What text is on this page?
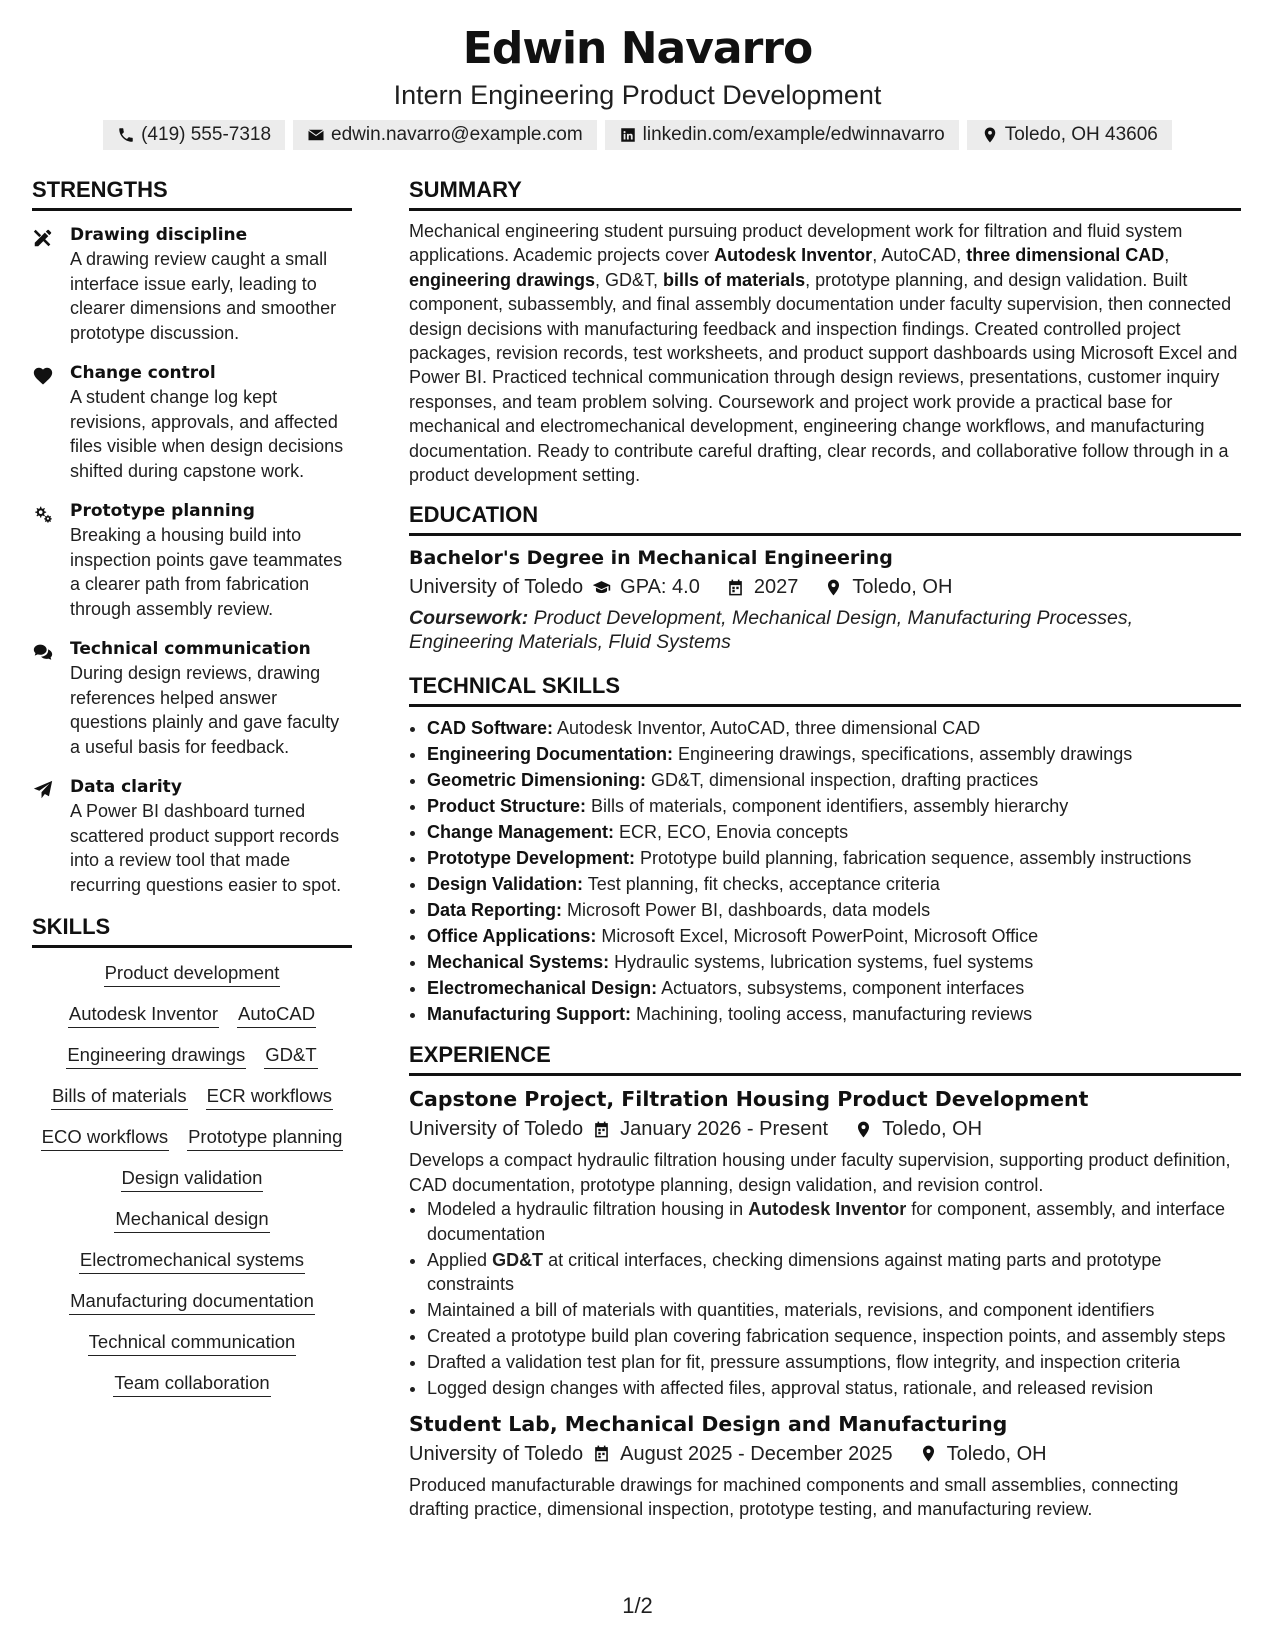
Edwin Navarro
Intern Engineering Product Development
(419) 555-7318	edwin.navarro@example.com	linkedin.com/example/edwinnavarro	Toledo, OH 43606
STRENGTHS
Drawing discipline
A drawing review caught a small interface issue early, leading to clearer dimensions and smoother prototype discussion.
Change control
A student change log kept revisions, approvals, and affected files visible when design decisions shifted during capstone work.
Prototype planning
Breaking a housing build into inspection points gave teammates a clearer path from fabrication through assembly review.
Technical communication
During design reviews, drawing references helped answer questions plainly and gave faculty a useful basis for feedback.
Data clarity
A Power BI dashboard turned scattered product support records into a review tool that made recurring questions easier to spot.
SKILLS
Product development
Autodesk Inventor AutoCAD
Engineering drawings GD&T
Bills of materials ECR workflows
ECO workflows Prototype planning
Design validation
Mechanical design
Electromechanical systems
Manufacturing documentation
Technical communication
Team collaboration
SUMMARY
Mechanical engineering student pursuing product development work for filtration and fluid system applications. Academic projects cover Autodesk Inventor, AutoCAD, three dimensional CAD, engineering drawings, GD&T, bills of materials, prototype planning, and design validation. Built component, subassembly, and final assembly documentation under faculty supervision, then connected design decisions with manufacturing feedback and inspection findings. Created controlled project packages, revision records, test worksheets, and product support dashboards using Microsoft Excel and Power BI. Practiced technical communication through design reviews, presentations, customer inquiry responses, and team problem solving. Coursework and project work provide a practical base for mechanical and electromechanical development, engineering change workflows, and manufacturing documentation. Ready to contribute careful drafting, clear records, and collaborative follow through in a product development setting.
EDUCATION
Bachelor's Degree in Mechanical Engineering
University of Toledo GPA: 4.0	2027	Toledo, OH
Coursework: Product Development, Mechanical Design, Manufacturing Processes, Engineering Materials, Fluid Systems
TECHNICAL SKILLS
• CAD Software: Autodesk Inventor, AutoCAD, three dimensional CAD
• Engineering Documentation: Engineering drawings, specifications, assembly drawings
• Geometric Dimensioning: GD&T, dimensional inspection, drafting practices
• Product Structure: Bills of materials, component identifiers, assembly hierarchy
• Change Management: ECR, ECO, Enovia concepts
• Prototype Development: Prototype build planning, fabrication sequence, assembly instructions
• Design Validation: Test planning, fit checks, acceptance criteria
• Data Reporting: Microsoft Power BI, dashboards, data models
• Office Applications: Microsoft Excel, Microsoft PowerPoint, Microsoft Office
• Mechanical Systems: Hydraulic systems, lubrication systems, fuel systems
• Electromechanical Design: Actuators, subsystems, component interfaces
• Manufacturing Support: Machining, tooling access, manufacturing reviews
EXPERIENCE
Capstone Project, Filtration Housing Product Development
University of Toledo January 2026 - Present	Toledo, OH
Develops a compact hydraulic filtration housing under faculty supervision, supporting product definition, CAD documentation, prototype planning, design validation, and revision control.
• Modeled a hydraulic filtration housing in Autodesk Inventor for component, assembly, and interface documentation
• Applied GD&T at critical interfaces, checking dimensions against mating parts and prototype constraints
• Maintained a bill of materials with quantities, materials, revisions, and component identifiers
• Created a prototype build plan covering fabrication sequence, inspection points, and assembly steps
• Drafted a validation test plan for fit, pressure assumptions, flow integrity, and inspection criteria
• Logged design changes with affected files, approval status, rationale, and released revision
Student Lab, Mechanical Design and Manufacturing
University of Toledo August 2025 - December 2025	Toledo, OH
Produced manufacturable drawings for machined components and small assemblies, connecting drafting practice, dimensional inspection, prototype testing, and manufacturing review.
1/2
